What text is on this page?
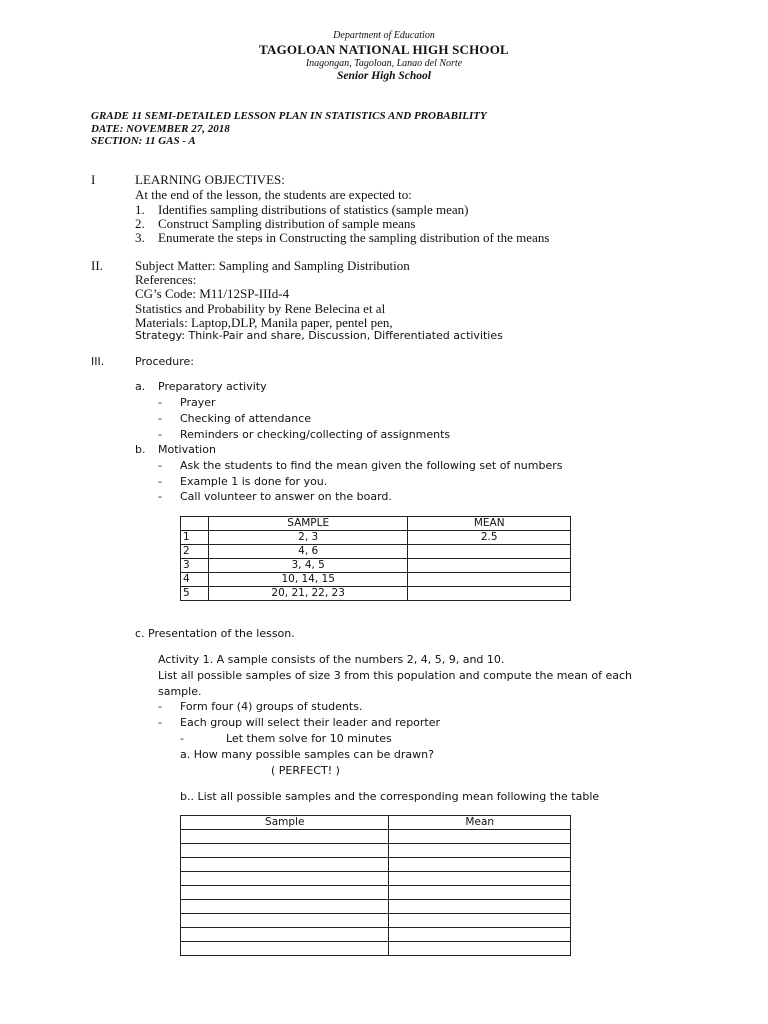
Department of Education
TAGOLOAN NATIONAL HIGH SCHOOL
Inagongan, Tagoloan, Lanao del Norte
Senior High School
GRADE 11 SEMI-DETAILED LESSON PLAN IN STATISTICS AND PROBABILITY
DATE: NOVEMBER 27, 2018
SECTION: 11 GAS - A
I	LEARNING OBJECTIVES:
At the end of the lesson, the students are expected to:
1. Identifies sampling distributions of statistics (sample mean)
2. Construct Sampling distribution of sample means
3. Enumerate the steps in Constructing the sampling distribution of the means
II. Subject Matter: Sampling and Sampling Distribution
References:
CG’s Code: M11/12SP-IIId-4
Statistics and Probability by Rene Belecina et al
Materials: Laptop,DLP, Manila paper, pentel pen,
Strategy: Think-Pair and share, Discussion, Differentiated activities
III.	Procedure:
a. Preparatory activity
- Prayer
- Checking of attendance
- Reminders or checking/collecting of assignments
b. Motivation
- Ask the students to find the mean given the following set of numbers
- Example 1 is done for you.
- Call volunteer to answer on the board.
	SAMPLE	MEAN
1	2, 3	2.5
2	4, 6	
3	3, 4, 5	
4	10, 14, 15	
5	20, 21, 22, 23	
c. Presentation of the lesson.
Activity 1. A sample consists of the numbers 2, 4, 5, 9, and 10.
List all possible samples of size 3 from this population and compute the mean of each
sample.
- Form four (4) groups of students.
- Each group will select their leader and reporter
-	Let them solve for 10 minutes
a. How many possible samples can be drawn?
( PERFECT! )
b.. List all possible samples and the corresponding mean following the table
Sample	Mean
